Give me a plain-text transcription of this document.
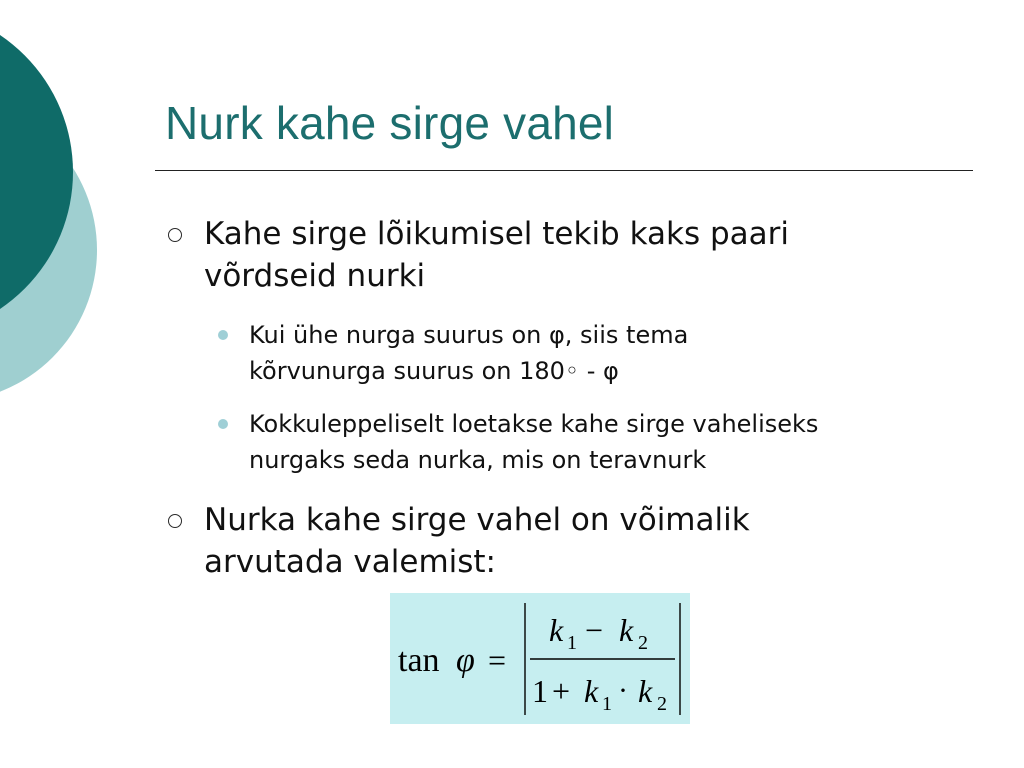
Nurk kahe sirge vahel
Kahe sirge lõikumisel tekib kaks paari
võrdseid nurki
Kui ühe nurga suurus on φ, siis tema
kõrvunurga suurus on 180◦ - φ
Kokkuleppeliselt loetakse kahe sirge vaheliseks
nurgaks seda nurka, mis on teravnurk
Nurka kahe sirge vahel on võimalik
arvutada valemist:
tan φ =
k 1 − k 2
1 + k 1 · k 2
